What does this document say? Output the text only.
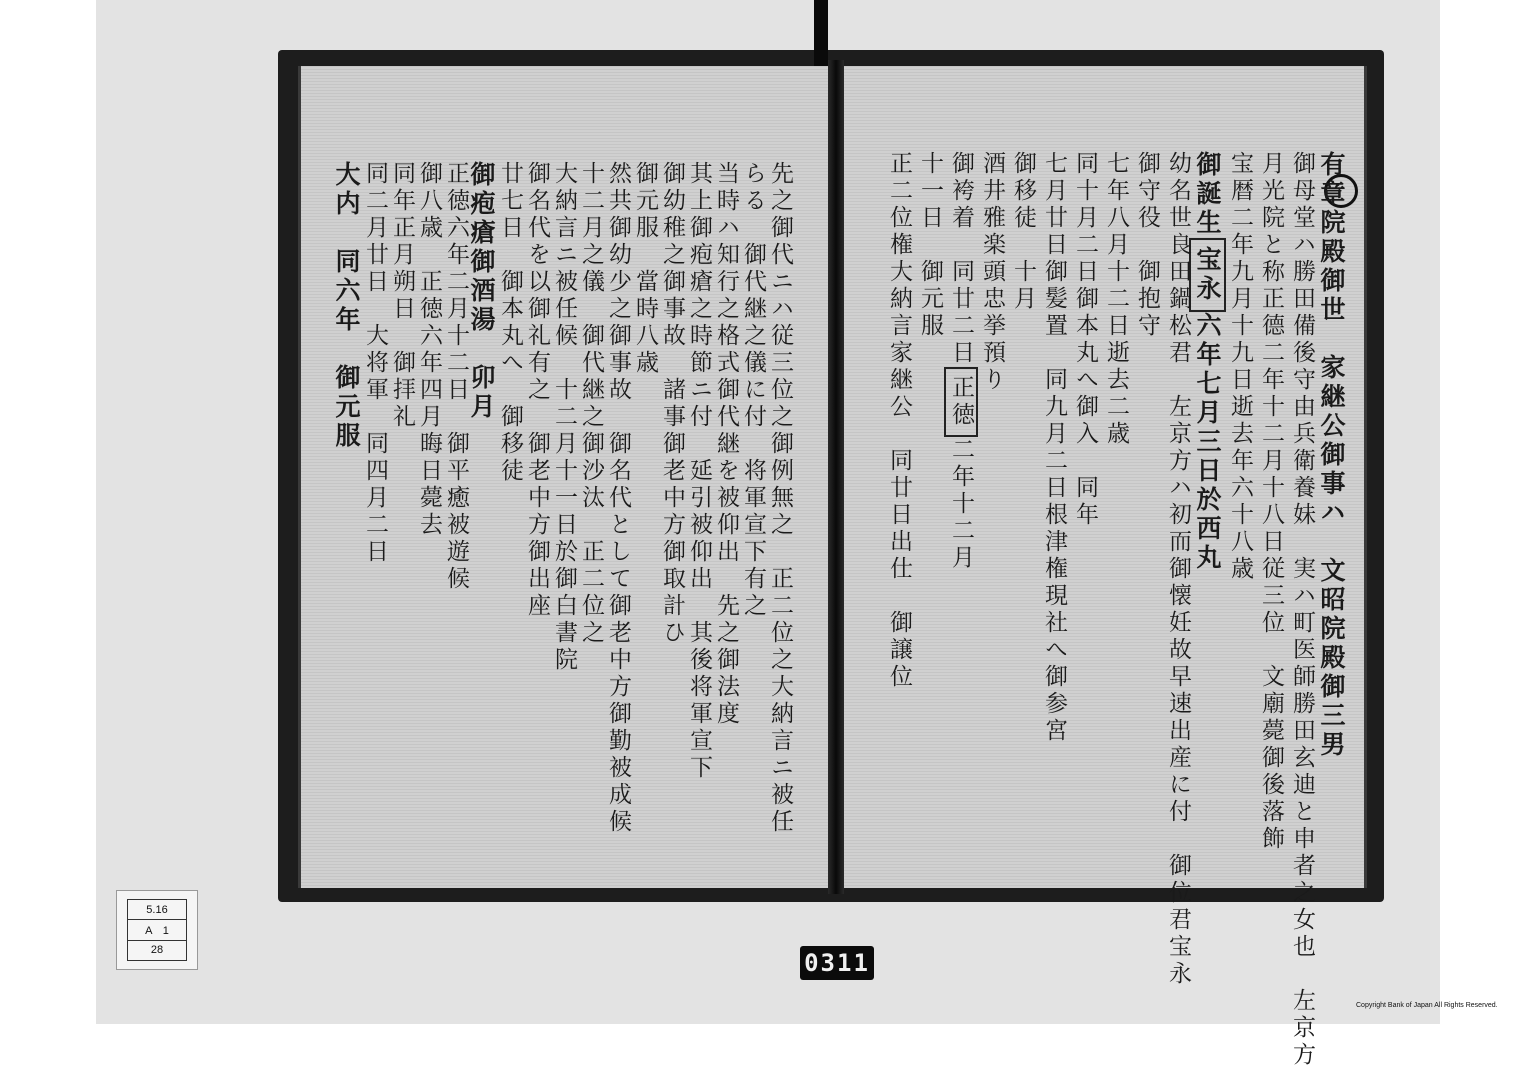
先之御代ニハ従三位之御例無之　正二位之大納言ニ被任
らる　御代継之儀に付　将軍宣下有之
当時ハ知行之格式御代継を被仰出　先之御法度
其上御疱瘡之時節ニ付　延引被仰出　其後将軍宣下
御幼稚之御事故　諸事御老中方御取計ひ
御元服　當時八歳
然共御幼少之御事故　御名代として御老中方御勤被成候
十二月之儀　御代継之御沙汰　正二位之
大納言ニ被任候　十二月十一日於御白書院
御名代を以御礼有之　御老中方御出座
廿七日　御本丸へ　御移徒
御疱瘡御酒湯　卯月
正徳六年二月十二日　御平癒被遊候
御八歳　正徳六年四月晦日薨去
同年正月朔日　御拝礼
同二月廿日　大将軍　同四月二日
大内　同六年　御元服	有章院殿御世　家継公御事ハ　文昭院殿御三男
御母堂ハ勝田備後守由兵衛養妹　実ハ町医師勝田玄迪と申者之女也　左京方
月光院と称正德二年十二月十八日従三位　文廟薨御後落飾
宝暦二年九月十九日逝去年六十八歳
御誕生宝永六年七月三日於西丸
幼名世良田鍋松君　左京方ハ初而御懐妊故早速出産に付　御位君宝永
御守役　御抱守
七年八月十二日逝去二歳
同十月二日御本丸へ御入　同年
七月廿日御髪置　同九月二日根津権現社へ御参宮
御移徒　十月
酒井雅楽頭忠挙預り
御袴着　同廿二日正徳二年十二月
十一日　御元服
正二位権大納言家継公　同廿日出仕　御譲位
5.16
A　1
28	0311
Copyright Bank of Japan All Rights Reserved.
